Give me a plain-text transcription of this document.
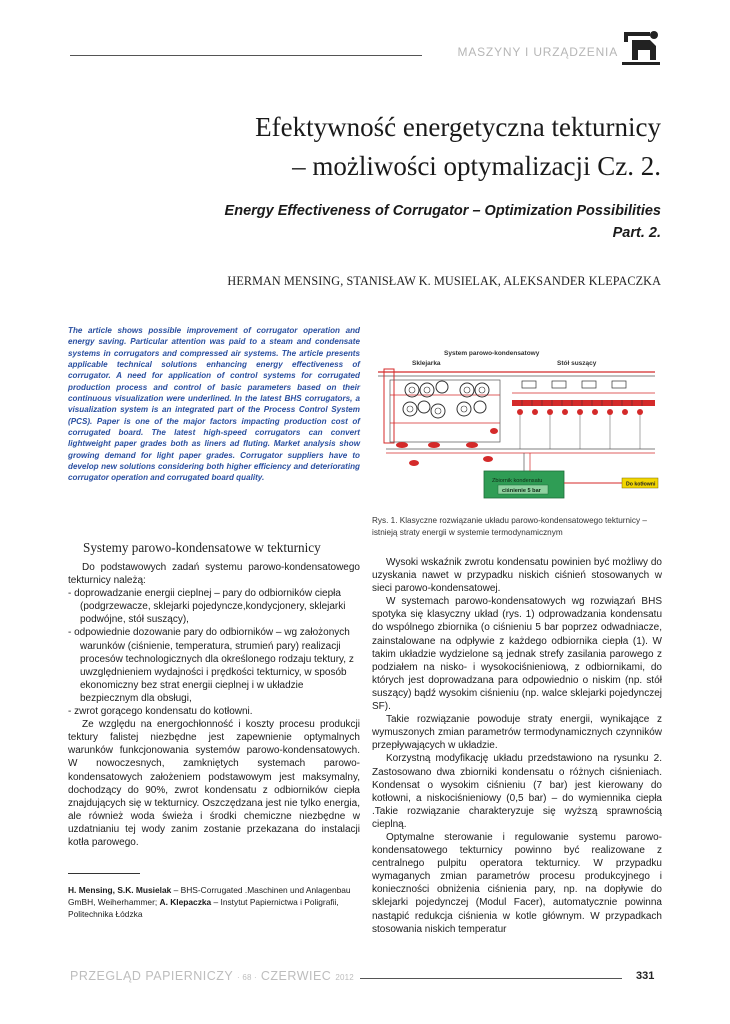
MASZYNY I URZĄDZENIA
Efektywność energetyczna tekturnicy
– możliwości optymalizacji Cz. 2.
Energy Effectiveness of Corrugator – Optimization Possibilities
Part. 2.
HERMAN MENSING, STANISŁAW K. MUSIELAK, ALEKSANDER KLEPACZKA

The article shows possible improvement of corrugator operation and energy saving. Particular attention was paid to a steam and condensate systems in corrugators and compressed air systems. The article presents applicable technical solutions enhancing energy effectiveness of corrugator. A need for application of control systems for corrugated production process and control of basic parameters based on their continuous visualization were underlined. In the latest BHS corrugators, a visualization system is an integrated part of the Process Control System (PCS). Paper is one of the major factors impacting production cost of corrugated board. The latest high-speed corrugators can convert lightweight paper grades both as liners ad fluting. Market analysis show growing demand for light paper grades. Corrugator suppliers have to develop new solutions considering both higher efficiency and deteriorating corrugator operation and corrugated board quality.

Systemy parowo-kondensatowe w tekturnicy

Do podstawowych zadań systemu parowo-kondensatowego tekturnicy należą:

- doprowadzanie energii cieplnej – pary do odbiorników ciepła (podgrzewacze, sklejarki pojedyncze,kondycjonery, sklejarki podwójne, stół suszący),

- odpowiednie dozowanie pary do odbiorników – wg założonych warunków (ciśnienie, temperatura, strumień pary) realizacji procesów technologicznych dla określonego rodzaju tektury, z uwzględnieniem wydajności i prędkości tekturnicy, w sposób ekonomiczny bez strat energii cieplnej i w układzie bezpiecznym dla obsługi,

- zwrot gorącego kondensatu do kotłowni.

Ze względu na energochłonność i koszty procesu produkcji tektury falistej niezbędne jest zapewnienie optymalnych warunków funkcjonowania systemów parowo-kondensatowych. W nowoczesnych, zamkniętych systemach parowo- kondensatowych założeniem podstawowym jest maksymalny, dochodzący do 90%, zwrot kondensatu z odbiorników ciepła znajdujących się w tekturnicy. Oszczędzana jest nie tylko energia, ale również woda świeża i środki chemiczne niezbędne w uzdatnianiu tej wody zanim zostanie przekazana do instalacji kotła parowego.

H. Mensing, S.K. Musielak – BHS-Corrugated .Maschinen und Anlagenbau GmBH, Weiherhammer; A. Klepaczka – Instytut Papiernictwa i Poligrafii, Politechnika Łódzka

System parowo-kondensatowy
Sklejarka	Stół suszący
Zbiornik kondensatu
ciśnienie 5 bar
Do kotłowni

Rys. 1. Klasyczne rozwiązanie układu parowo-kondensatowego tekturnicy – istnieją straty energii w systemie termodynamicznym

Wysoki wskaźnik zwrotu kondensatu powinien być możliwy do uzyskania nawet w przypadku niskich ciśnień stosowanych w sieci parowo-kondensatowej.

W systemach parowo-kondensatowych wg rozwiązań BHS spotyka się klasyczny układ (rys. 1) odprowadzania kondensatu do wspólnego zbiornika (o ciśnieniu 5 bar poprzez odwadniacze, zainstalowane na odpływie z każdego odbiornika ciepła (1). W takim układzie wydzielone są jednak strefy zasilania parowego z podziałem na nisko- i wysokociśnieniową, z odbiornikami, do których jest doprowadzana para odpowiednio o niskim (np. stół suszący) bądź wysokim ciśnieniu (np. walce sklejarki pojedynczej SF).

Takie rozwiązanie powoduje straty energii, wynikające z wymuszonych zmian parametrów termodynamicznych czynników przepływających w układzie.

Korzystną modyfikację układu przedstawiono na rysunku 2. Zastosowano dwa zbiorniki kondensatu o różnych ciśnieniach. Kondensat o wysokim ciśnieniu (7 bar) jest kierowany do kotłowni, a niskociśnieniowy (0,5 bar) – do wymiennika ciepła .Takie rozwiązanie charakteryzuje się wyższą sprawnością cieplną.

Optymalne sterowanie i regulowanie systemu parowo-kondensatowego tekturnicy powinno być realizowane z centralnego pulpitu operatora tekturnicy. W przypadku wymaganych zmian parametrów procesu produkcyjnego i konieczności obniżenia ciśnienia pary, np. na dopływie do sklejarki pojedynczej (Modul Facer), automatycznie powinna nastąpić redukcja ciśnienia w kotle głównym. W przypadkach stosowania niskich temperatur

PRZEGLĄD PAPIERNICZY · 68 · CZERWIEC 2012	331
